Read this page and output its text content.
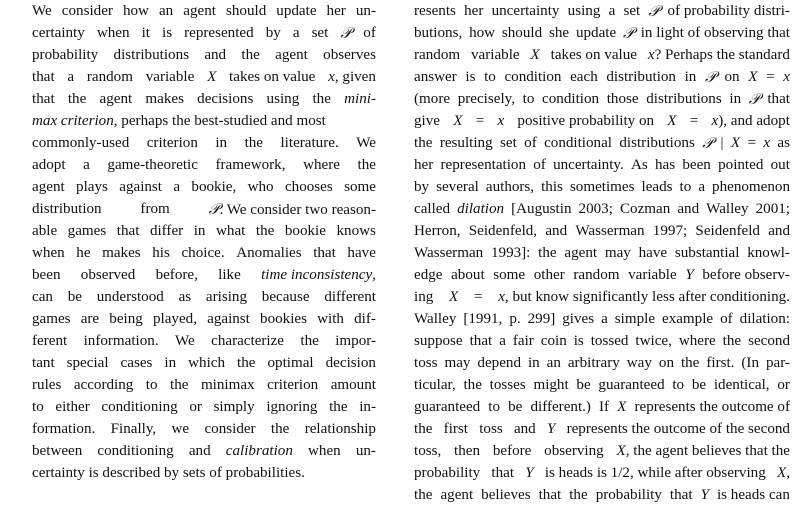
We consider how an agent should update her un-
certainty when it is represented by a set 𝒫 of
probability distributions and the agent observes
that a random variable X takes on value x, given
that the agent makes decisions using the mini-
max criterion , perhaps the best-studied and most
commonly-used criterion in the literature. We
adopt a game-theoretic framework, where the
agent plays against a bookie, who chooses some
distribution	from	𝒫. We consider two reason-
able games that differ in what the bookie knows
when he makes his choice. Anomalies that have
been observed before, like time inconsistency,
can be understood as arising because different
games are being played, against bookies with dif-
ferent information. We characterize the impor-
tant special cases in which the optimal decision
rules according to the minimax criterion amount
to either conditioning or simply ignoring the in-
formation. Finally, we consider the relationship
between conditioning and calibration when un-
certainty is described by sets of probabilities.
resents her uncertainty using a set 𝒫 of probability distri-
butions, how should she update 𝒫 in light of observing that
random variable X takes on value x? Perhaps the standard
answer is to condition each distribution in 𝒫 on X = x
(more precisely, to condition those distributions in 𝒫 that
give X = x positive probability on X = x), and adopt
the resulting set of conditional distributions 𝒫 | X = x as
her representation of uncertainty. As has been pointed out
by several authors, this sometimes leads to a phenomenon
called dilation [Augustin 2003; Cozman and Walley 2001;
Herron, Seidenfeld, and Wasserman 1997; Seidenfeld and
Wasserman 1993]: the agent may have substantial knowl-
edge about some other random variable Y before observ-
ing X = x, but know significantly less after conditioning.
Walley [1991, p. 299] gives a simple example of dilation:
suppose that a fair coin is tossed twice, where the second
toss may depend in an arbitrary way on the first. (In par-
ticular, the tosses might be guaranteed to be identical, or
guaranteed to be different.) If X represents the outcome of
the first toss and Y represents the outcome of the second
toss, then before observing X, the agent believes that the
probability that Y is heads is 1/2, while after observing X,
the agent believes that the probability that Y is heads can
